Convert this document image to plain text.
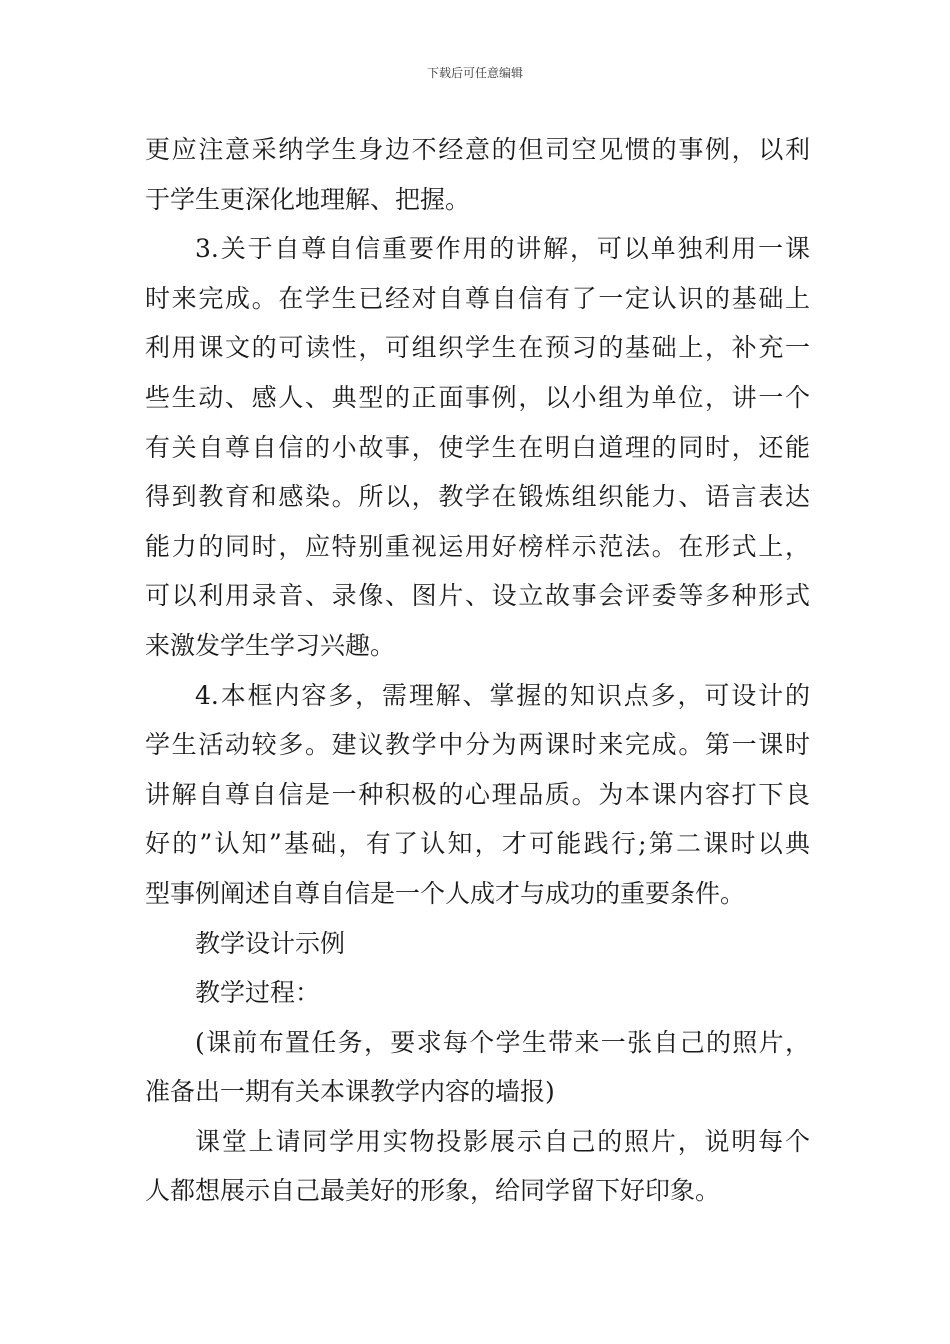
下载后可任意编辑
更应注意采纳学生身边不经意的但司空见惯的事例，以利
于学生更深化地理解、把握。
3.关于自尊自信重要作用的讲解，可以单独利用一课
时来完成。在学生已经对自尊自信有了一定认识的基础上
利用课文的可读性，可组织学生在预习的基础上，补充一
些生动、感人、典型的正面事例，以小组为单位，讲一个
有关自尊自信的小故事，使学生在明白道理的同时，还能
得到教育和感染。所以，教学在锻炼组织能力、语言表达
能力的同时，应特别重视运用好榜样示范法。在形式上，
可以利用录音、录像、图片、设立故事会评委等多种形式
来激发学生学习兴趣。
4.本框内容多，需理解、掌握的知识点多，可设计的
学生活动较多。建议教学中分为两课时来完成。第一课时
讲解自尊自信是一种积极的心理品质。为本课内容打下良
好的”认知”基础，有了认知，才可能践行;第二课时以典
型事例阐述自尊自信是一个人成才与成功的重要条件。
教学设计示例
教学过程：
(课前布置任务，要求每个学生带来一张自己的照片，
准备出一期有关本课教学内容的墙报)
课堂上请同学用实物投影展示自己的照片，说明每个
人都想展示自己最美好的形象，给同学留下好印象。
